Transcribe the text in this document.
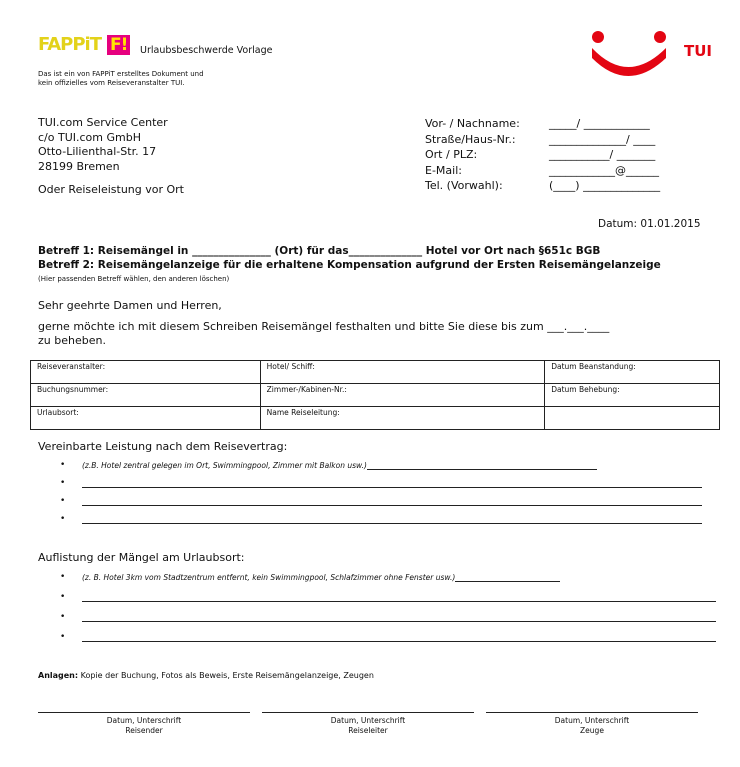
FAPPiT F!	Urlaubsbeschwerde Vorlage
Das ist ein von FAPPiT erstelltes Dokument und
kein offizielles vom Reiseveranstalter TUI.
TUI
TUI.com Service Center
c/o TUI.com GmbH
Otto-Lilienthal-Str. 17
28199 Bremen
Oder Reiseleistung vor Ort
Vor- / Nachname:	_____/ ____________
Straße/Haus-Nr.:	______________/ ____
Ort / PLZ:	___________/ _______
E-Mail:	____________@______
Tel. (Vorwahl):	(____) ______________
Datum: 01.01.2015
Betreff 1: Reisemängel in _______________ (Ort) für das______________ Hotel vor Ort nach §651c BGB
Betreff 2: Reisemängelanzeige für die erhaltene Kompensation aufgrund der Ersten Reisemängelanzeige
(Hier passenden Betreff wählen, den anderen löschen)
Sehr geehrte Damen und Herren,
gerne möchte ich mit diesem Schreiben Reisemängel festhalten und bitte Sie diese bis zum ___.___.____
zu beheben.
Reiseveranstalter:	Hotel/ Schiff:	Datum Beanstandung:
Buchungsnummer:	Zimmer-/Kabinen-Nr.:	Datum Behebung:
Urlaubsort:	Name Reiseleitung:	
Vereinbarte Leistung nach dem Reisevertrag:
•	(z.B. Hotel zentral gelegen im Ort, Swimmingpool, Zimmer mit Balkon usw.)
•
•
•
Auflistung der Mängel am Urlaubsort:
•	(z. B. Hotel 3km vom Stadtzentrum entfernt, kein Swimmingpool, Schlafzimmer ohne Fenster usw.)
•
•
•
Anlagen: Kopie der Buchung, Fotos als Beweis, Erste Reisemängelanzeige, Zeugen
Datum, Unterschrift
Reisender
Datum, Unterschrift
Reiseleiter
Datum, Unterschrift
Zeuge
